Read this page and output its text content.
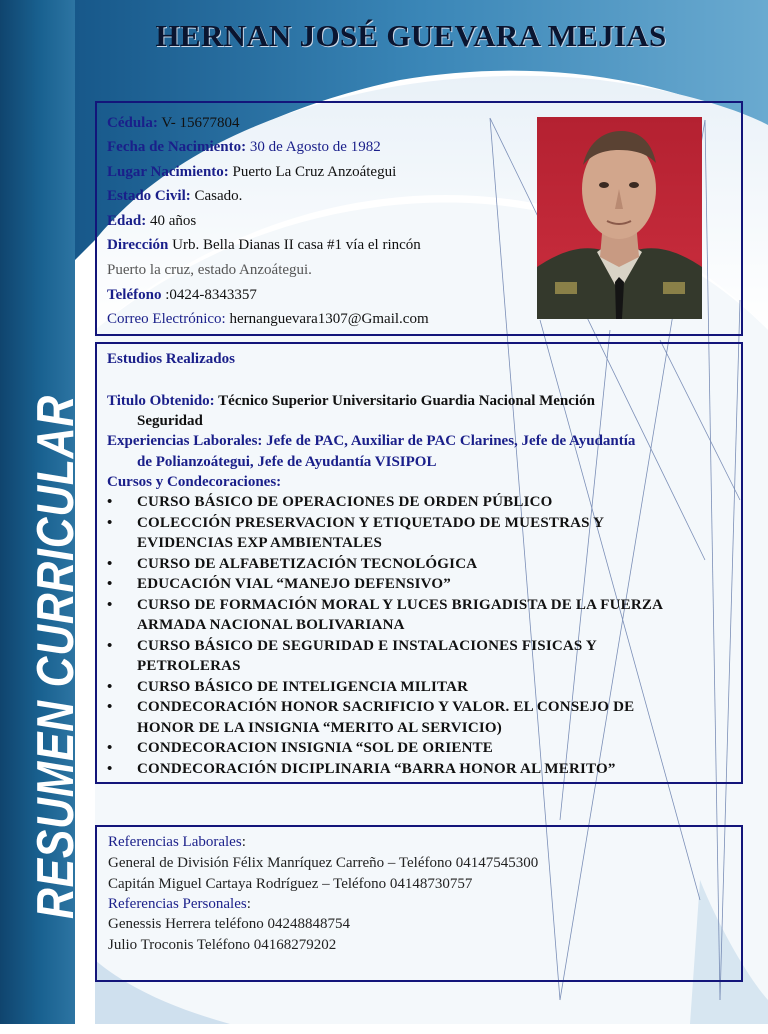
RESUMEN CURRICULAR
HERNAN JOSÉ GUEVARA MEJIAS
Cédula: V- 15677804
Fecha de Nacimiento: 30 de Agosto de 1982
Lugar Nacimiento: Puerto La Cruz Anzoátegui
Estado Civil: Casado.
Edad: 40 años
Dirección Urb. Bella Dianas II casa #1 vía el rincón
Puerto la cruz, estado Anzoátegui.
Teléfono :0424-8343357
Correo Electrónico: hernanguevara1307@Gmail.com
Estudios Realizados
Titulo Obtenido: Técnico Superior Universitario Guardia Nacional Mención
Seguridad
Experiencias Laborales: Jefe de PAC, Auxiliar de PAC Clarines, Jefe de Ayudantía
de Polianzoátegui, Jefe de Ayudantía VISIPOL
Cursos y Condecoraciones:
• CURSO BÁSICO DE OPERACIONES DE ORDEN PÚBLICO
• COLECCIÓN PRESERVACION Y ETIQUETADO DE MUESTRAS Y
EVIDENCIAS EXP AMBIENTALES
• CURSO DE ALFABETIZACIÓN TECNOLÓGICA
• EDUCACIÓN VIAL “MANEJO DEFENSIVO”
• CURSO DE FORMACIÓN MORAL Y LUCES BRIGADISTA DE LA FUERZA
ARMADA NACIONAL BOLIVARIANA
• CURSO BÁSICO DE SEGURIDAD E INSTALACIONES FISICAS Y
PETROLERAS
• CURSO BÁSICO DE INTELIGENCIA MILITAR
• CONDECORACIÓN HONOR SACRIFICIO Y VALOR. EL CONSEJO DE
HONOR DE LA INSIGNIA “MERITO AL SERVICIO)
• CONDECORACION INSIGNIA “SOL DE ORIENTE
• CONDECORACIÓN DICIPLINARIA “BARRA HONOR AL MERITO”
Referencias Laborales:
General de División Félix Manríquez Carreño – Teléfono 04147545300
Capitán Miguel Cartaya Rodríguez – Teléfono 04148730757
Referencias Personales:
Genessis Herrera teléfono 04248848754
Julio Troconis Teléfono 04168279202
